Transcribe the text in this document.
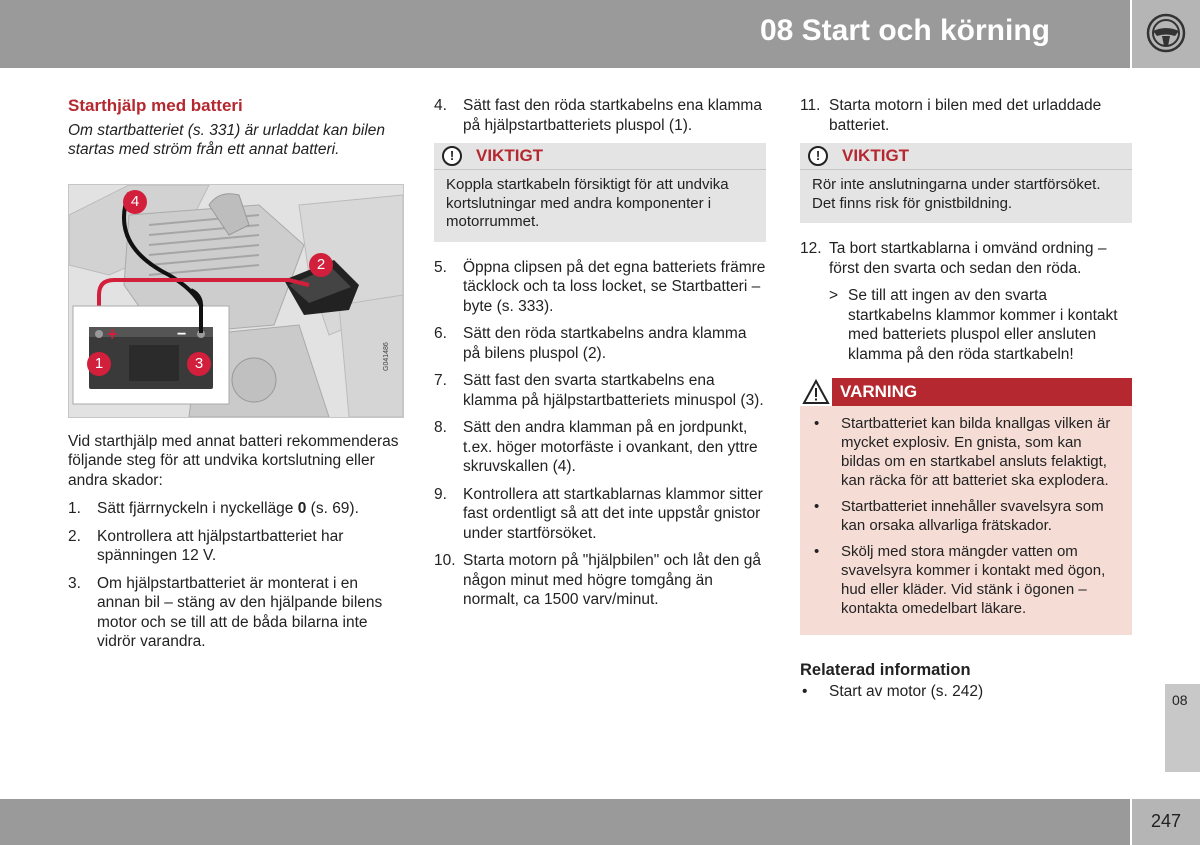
08 Start och körning
Starthjälp med batteri

Om startbatteriet (s. 331) är urladdat kan bilen startas med ström från ett annat batteri.

+	−
1
2
3
4
G041486

Vid starthjälp med annat batteri rekommenderas följande steg för att undvika kortslutning eller andra skador:

1. Sätt fjärrnyckeln i nyckelläge 0 (s. 69).
2. Kontrollera att hjälpstartbatteriet har spänningen 12 V.
3. Om hjälpstartbatteriet är monterat i en annan bil – stäng av den hjälpande bilens motor och se till att de båda bilarna inte vidrör varandra.
4. Sätt fast den röda startkabelns ena klamma på hjälpstartbatteriets pluspol (1).
!	VIKTIGT
Koppla startkabeln försiktigt för att undvika kortslutningar med andra komponenter i motorrummet.
5. Öppna clipsen på det egna batteriets främre täcklock och ta loss locket, se Startbatteri – byte (s. 333).
6. Sätt den röda startkabelns andra klamma på bilens pluspol (2).
7. Sätt fast den svarta startkabelns ena klamma på hjälpstartbatteriets minuspol (3).
8. Sätt den andra klamman på en jordpunkt, t.ex. höger motorfäste i ovankant, den yttre skruvskallen (4).
9. Kontrollera att startkablarnas klammor sitter fast ordentligt så att det inte uppstår gnistor under startförsöket.
10. Starta motorn på "hjälpbilen" och låt den gå någon minut med högre tomgång än normalt, ca 1500 varv/minut.
11. Starta motorn i bilen med det urladdade batteriet.
!	VIKTIGT
Rör inte anslutningarna under startförsöket. Det finns risk för gnistbildning.
12. Ta bort startkablarna i omvänd ordning – först den svarta och sedan den röda.
> Se till att ingen av den svarta startkabelns klammor kommer i kontakt med batteriets pluspol eller ansluten klamma på den röda startkabeln!
VARNING
• Startbatteriet kan bilda knallgas vilken är mycket explosiv. En gnista, som kan bildas om en startkabel ansluts felaktigt, kan räcka för att batteriet ska explodera.
• Startbatteriet innehåller svavelsyra som kan orsaka allvarliga frätskador.
• Skölj med stora mängder vatten om svavelsyra kommer i kontakt med ögon, hud eller kläder. Vid stänk i ögonen – kontakta omedelbart läkare.
Relaterad information
• Start av motor (s. 242)
08
247
